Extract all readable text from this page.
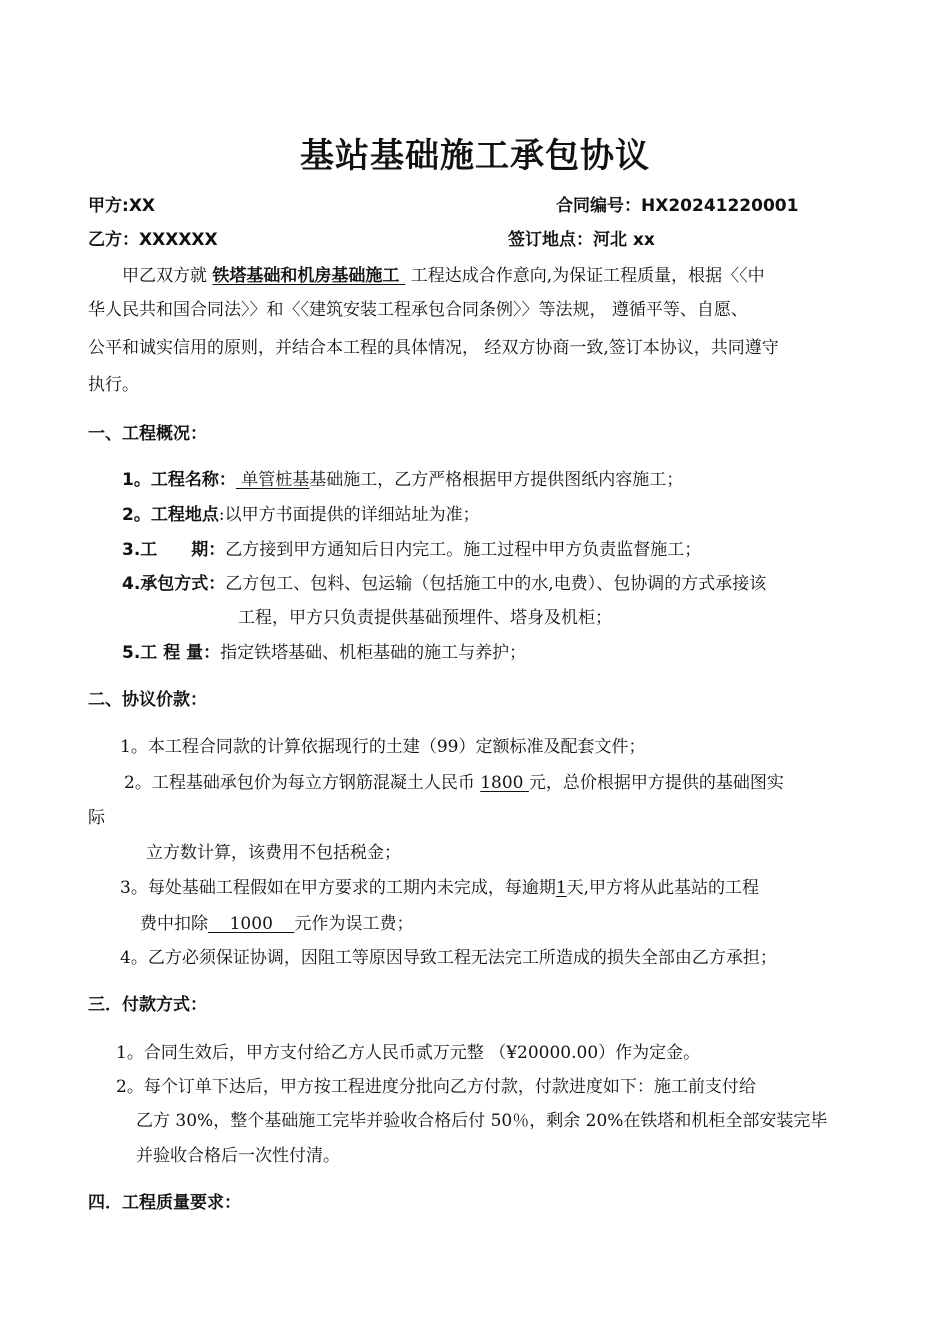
基站基础施工承包协议
甲方:XX	合同编号：HX20241220001
乙方：XXXXXX	签订地点：河北 xx
甲乙双方就 铁塔基础和机房基础施工  工程达成合作意向,为保证工程质量，根据〈〈中
华人民共和国合同法〉〉和〈〈建筑安装工程承包合同条例〉〉等法规， 遵循平等、自愿、
公平和诚实信用的原则，并结合本工程的具体情况， 经双方协商一致,签订本协议，共同遵守
执行。
一、工程概况：
1。工程名称： 单管桩基基础施工，乙方严格根据甲方提供图纸内容施工；
2。工程地点:以甲方书面提供的详细站址为准；
3.工　　期：乙方接到甲方通知后日内完工。施工过程中甲方负责监督施工；
4.承包方式：乙方包工、包料、包运输（包括施工中的水,电费）、包协调的方式承接该
工程，甲方只负责提供基础预埋件、塔身及机柜；
5.工 程 量：指定铁塔基础、机柜基础的施工与养护；
二、协议价款：
1。本工程合同款的计算依据现行的土建（99）定额标准及配套文件；
2。工程基础承包价为每立方钢筋混凝土人民币 1800 元，总价根据甲方提供的基础图实
际
立方数计算，该费用不包括税金；
3。每处基础工程假如在甲方要求的工期内未完成，每逾期1天,甲方将从此基站的工程
费中扣除    1000    元作为误工费；
4。乙方必须保证协调，因阻工等原因导致工程无法完工所造成的损失全部由乙方承担；
三．付款方式：
1。合同生效后，甲方支付给乙方人民币贰万元整 （¥20000.00）作为定金。
2。每个订单下达后，甲方按工程进度分批向乙方付款，付款进度如下：施工前支付给
乙方 30%，整个基础施工完毕并验收合格后付 50％，剩余 20%在铁塔和机柜全部安装完毕
并验收合格后一次性付清。
四．工程质量要求：
